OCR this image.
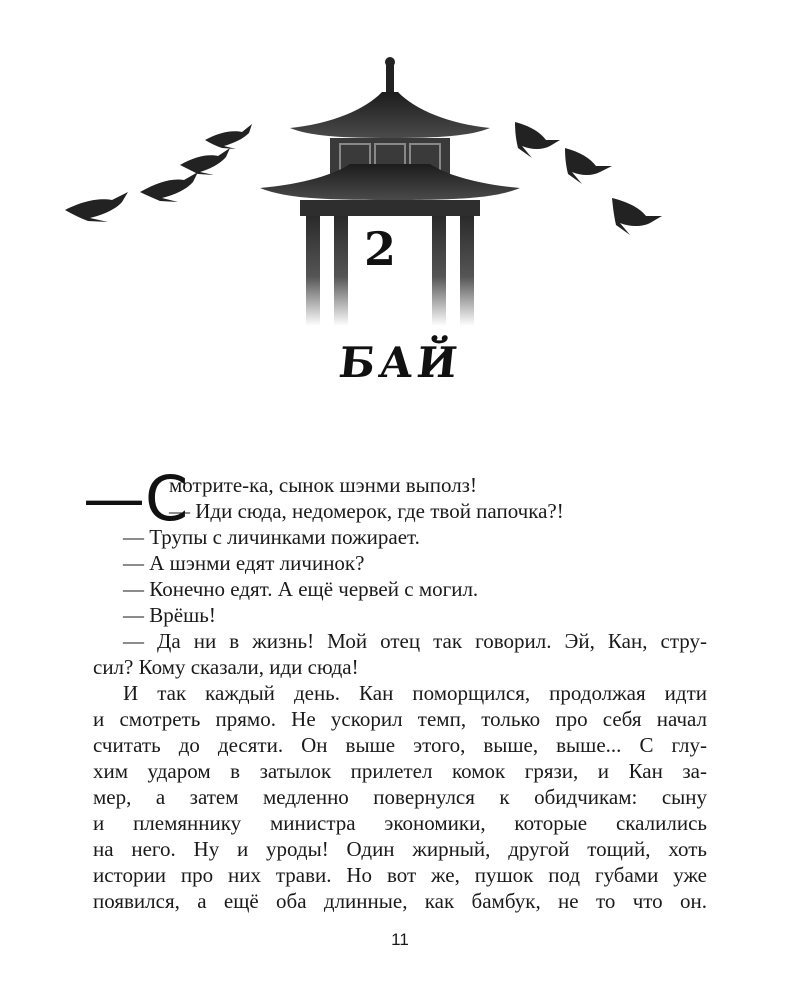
2
БАЙ
—С
мотрите-ка, сынок шэнми выполз!
— Иди сюда, недомерок, где твой папочка?!
— Трупы с личинками пожирает.
— А шэнми едят личинок?
— Конечно едят. А ещё червей с могил.
— Врёшь!
— Да ни в жизнь! Мой отец так говорил. Эй, Кан, стру-
сил? Кому сказали, иди сюда!
И так каждый день. Кан поморщился, продолжая идти
и смотреть прямо. Не ускорил темп, только про себя начал
считать до десяти. Он выше этого, выше, выше... С глу-
хим ударом в затылок прилетел комок грязи, и Кан за-
мер, а затем медленно повернулся к обидчикам: сыну
и племяннику министра экономики, которые скалились
на него. Ну и уроды! Один жирный, другой тощий, хоть
истории про них трави. Но вот же, пушок под губами уже
появился, а ещё оба длинные, как бамбук, не то что он.
11
